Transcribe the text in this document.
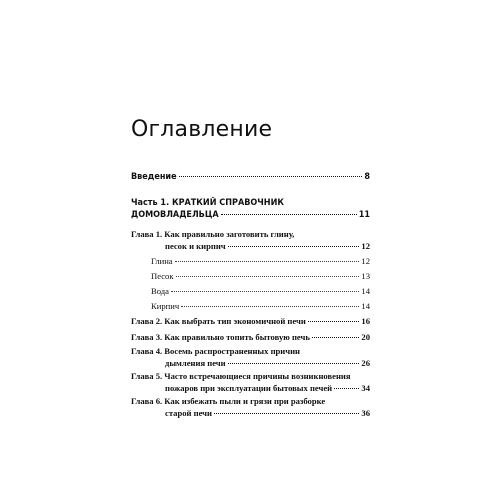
Оглавление
Введение	8
Часть 1. КРАТКИЙ СПРАВОЧНИК
ДОМОВЛАДЕЛЬЦА	11
Глава 1. Как правильно заготовить глину,
песок и кирпич	12
Глина	12
Песок	13
Вода	14
Кирпич	14
Глава 2. Как выбрать тип экономичной печи	16
Глава 3. Как правильно топить бытовую печь	20
Глава 4. Восемь распространенных причин
дымления печи	26
Глава 5. Часто встречающиеся причины возникновения
пожаров при эксплуатации бытовых печей	34
Глава 6. Как избежать пыли и грязи при разборке
старой печи	36
